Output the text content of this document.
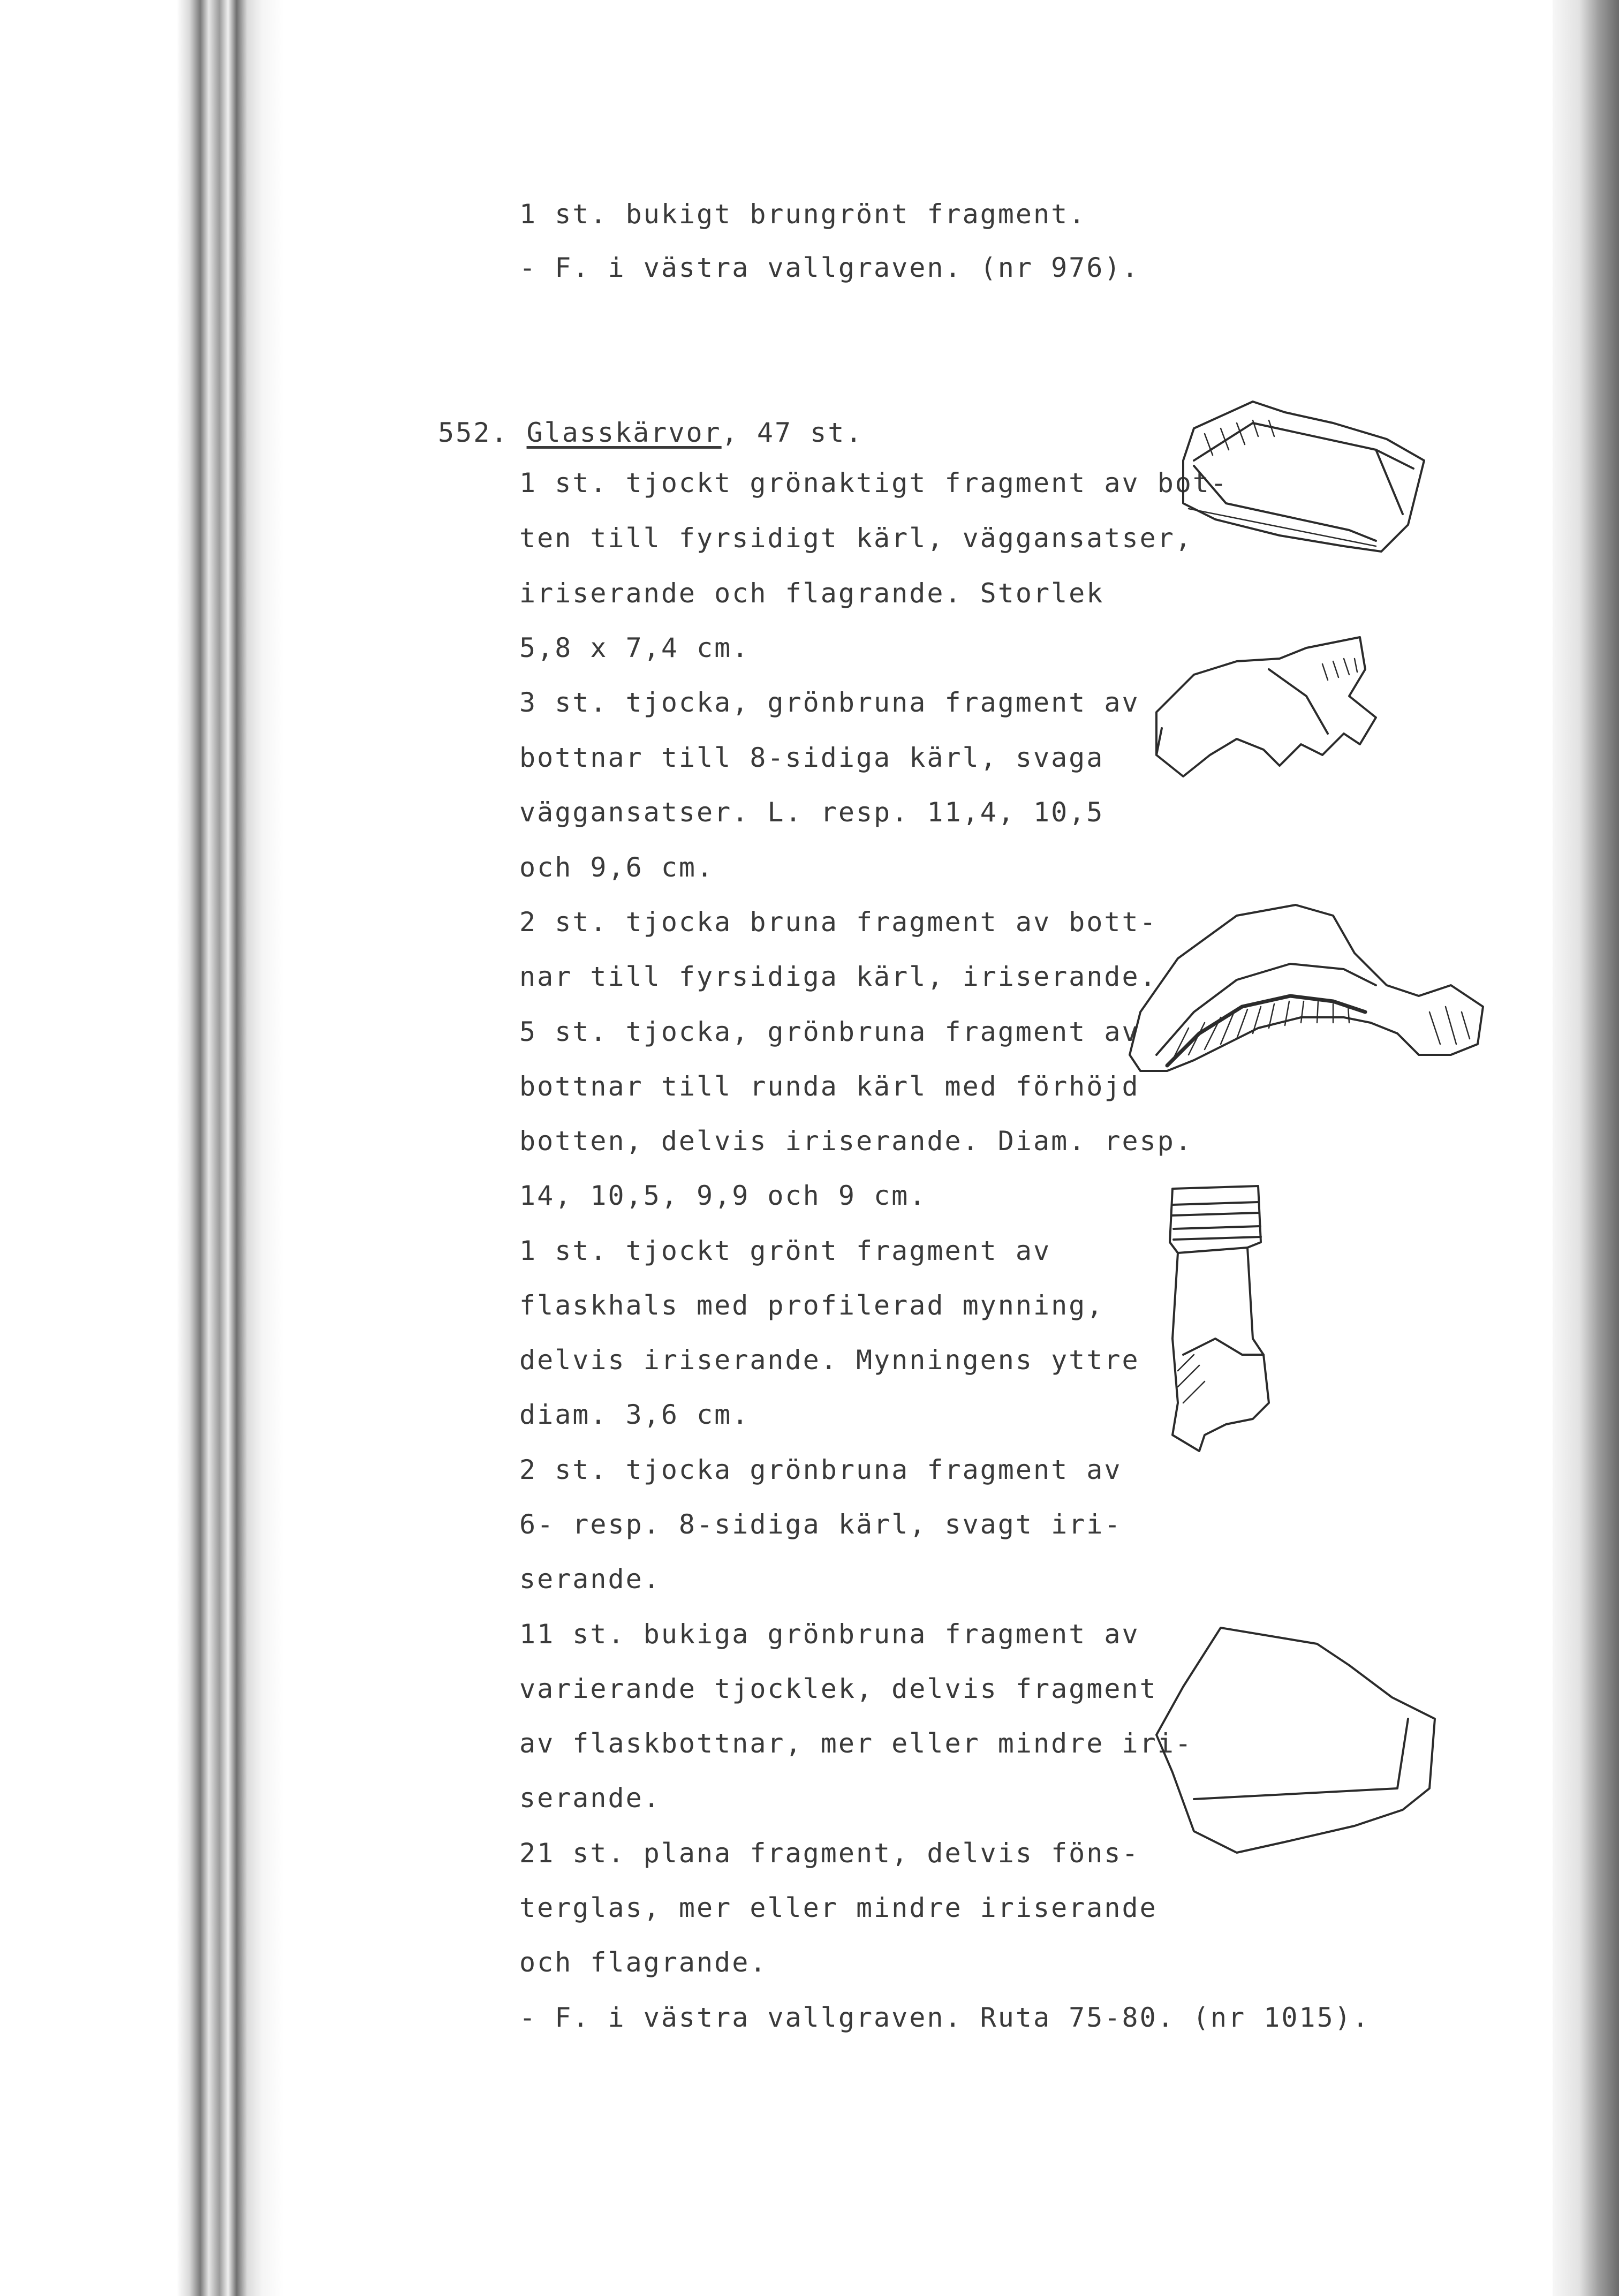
1 st. bukigt brungrönt fragment.
- F. i västra vallgraven. (nr 976).
552. Glasskärvor, 47 st.
1 st. tjockt grönaktigt fragment av bot-
ten till fyrsidigt kärl, väggansatser,
iriserande och flagrande. Storlek
5,8 x 7,4 cm.
3 st. tjocka, grönbruna fragment av
bottnar till 8-sidiga kärl, svaga
väggansatser. L. resp. 11,4, 10,5
och 9,6 cm.
2 st. tjocka bruna fragment av bott-
nar till fyrsidiga kärl, iriserande.
5 st. tjocka, grönbruna fragment av
bottnar till runda kärl med förhöjd
botten, delvis iriserande. Diam. resp.
14, 10,5, 9,9 och 9 cm.
1 st. tjockt grönt fragment av
flaskhals med profilerad mynning,
delvis iriserande. Mynningens yttre
diam. 3,6 cm.
2 st. tjocka grönbruna fragment av
6- resp. 8-sidiga kärl, svagt iri-
serande.
11 st. bukiga grönbruna fragment av
varierande tjocklek, delvis fragment
av flaskbottnar, mer eller mindre iri-
serande.
21 st. plana fragment, delvis föns-
terglas, mer eller mindre iriserande
och flagrande.
- F. i västra vallgraven. Ruta 75-80. (nr 1015).
